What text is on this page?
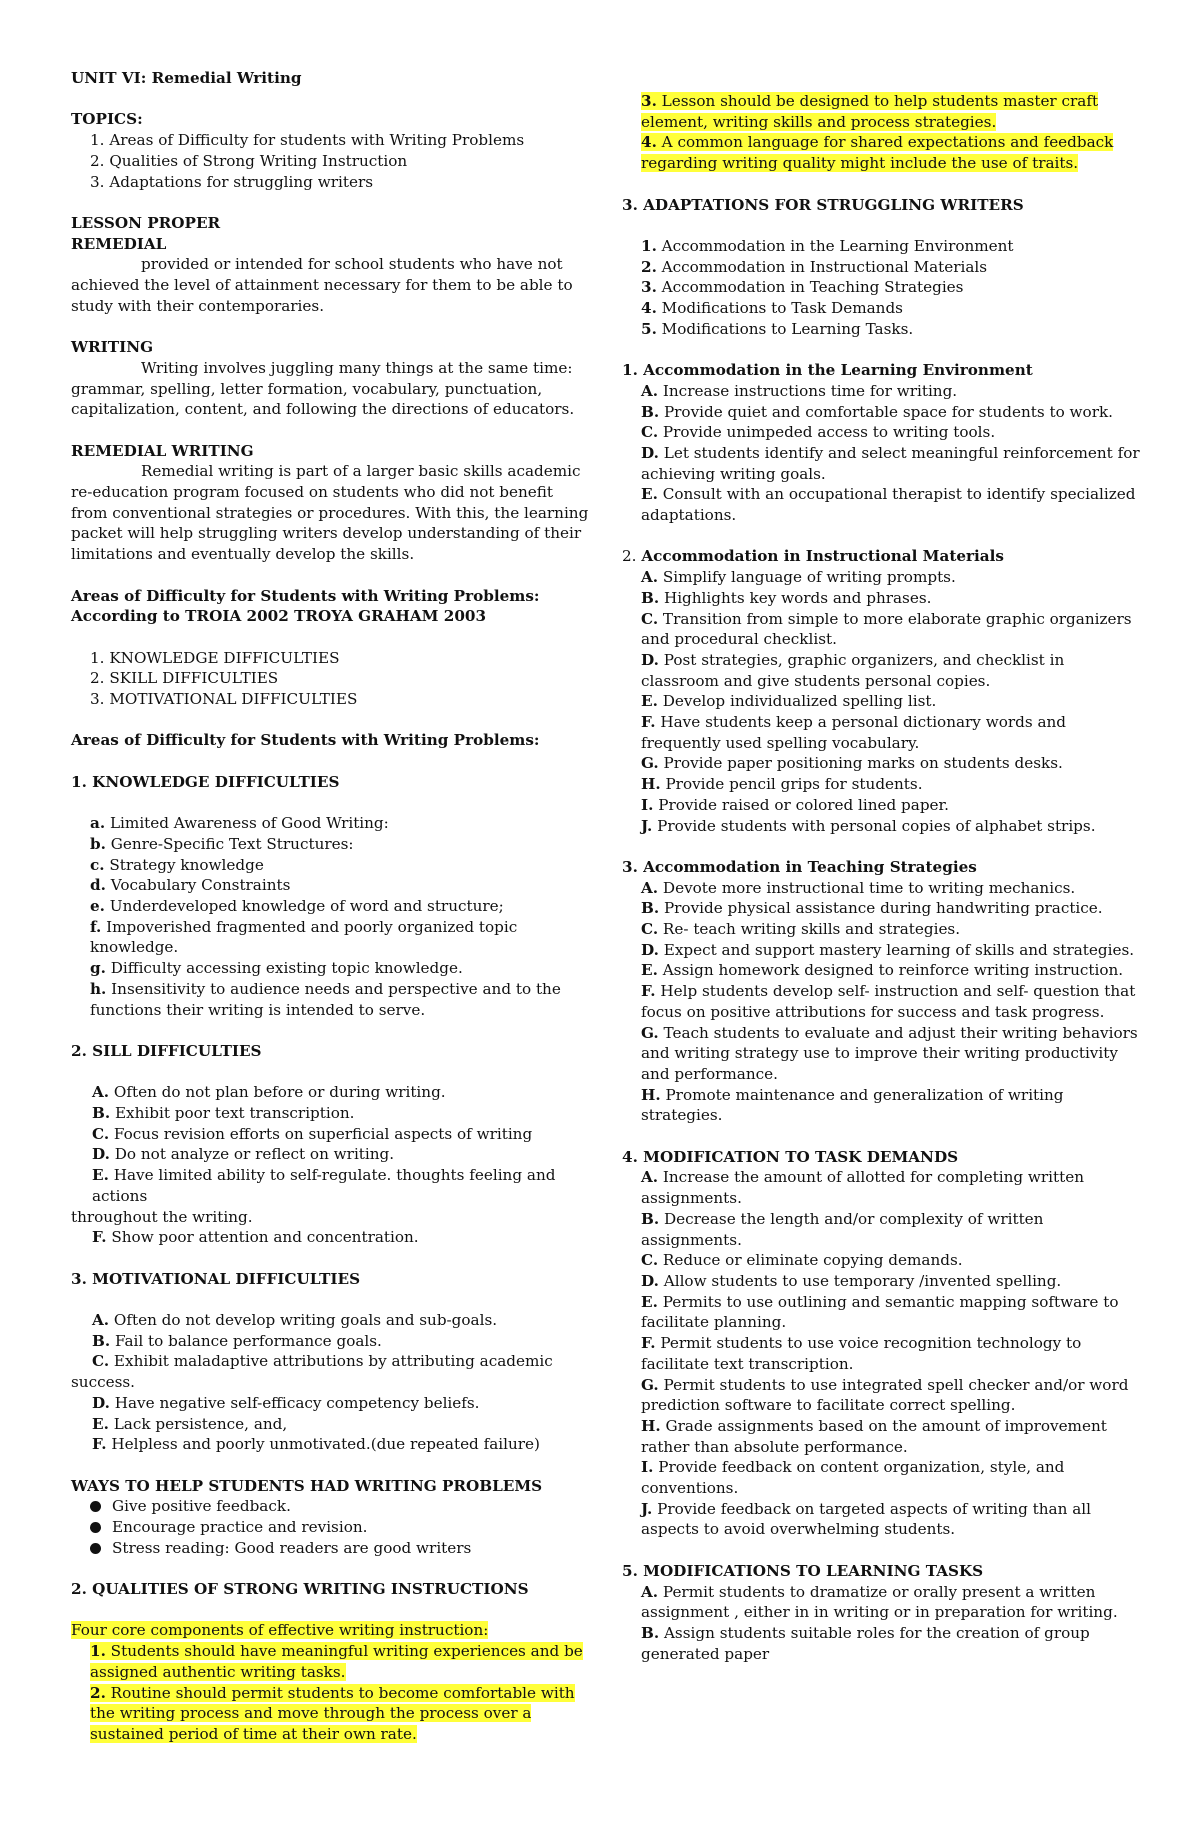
UNIT VI: Remedial Writing
TOPICS:
1. Areas of Difficulty for students with Writing Problems
2. Qualities of Strong Writing Instruction
3. Adaptations for struggling writers
LESSON PROPER
REMEDIAL
provided or intended for school students who have not achieved the level of attainment necessary for them to be able to study with their contemporaries.
WRITING
Writing involves juggling many things at the same time: grammar, spelling, letter formation, vocabulary, punctuation, capitalization, content, and following the directions of educators.
REMEDIAL WRITING
Remedial writing is part of a larger basic skills academic re-education program focused on students who did not benefit from conventional strategies or procedures. With this, the learning packet will help struggling writers develop understanding of their limitations and eventually develop the skills.
Areas of Difficulty for Students with Writing Problems:
According to TROIA 2002 TROYA GRAHAM 2003
1. KNOWLEDGE DIFFICULTIES
2. SKILL DIFFICULTIES
3. MOTIVATIONAL DIFFICULTIES
Areas of Difficulty for Students with Writing Problems:
1. KNOWLEDGE DIFFICULTIES
a. Limited Awareness of Good Writing:
b. Genre-Specific Text Structures:
c. Strategy knowledge
d. Vocabulary Constraints
e. Underdeveloped knowledge of word and structure;
f. Impoverished fragmented and poorly organized topic knowledge.
g. Difficulty accessing existing topic knowledge.
h. Insensitivity to audience needs and perspective and to the functions their writing is intended to serve.
2. SILL DIFFICULTIES
A. Often do not plan before or during writing.
B. Exhibit poor text transcription.
C. Focus revision efforts on superficial aspects of writing
D. Do not analyze or reflect on writing.
E. Have limited ability to self-regulate. thoughts feeling and actions
throughout the writing.
F. Show poor attention and concentration.
3. MOTIVATIONAL DIFFICULTIES
A. Often do not develop writing goals and sub-goals.
B. Fail to balance performance goals.
C. Exhibit maladaptive attributions by attributing academic
success.
D. Have negative self-efficacy competency beliefs.
E. Lack persistence, and,
F. Helpless and poorly unmotivated.(due repeated failure)
WAYS TO HELP STUDENTS HAD WRITING PROBLEMS
Give positive feedback.
Encourage practice and revision.
Stress reading: Good readers are good writers
2. QUALITIES OF STRONG WRITING INSTRUCTIONS
Four core components of effective writing instruction:
1. Students should have meaningful writing experiences and be assigned authentic writing tasks.
2. Routine should permit students to become comfortable with the writing process and move through the process over a sustained period of time at their own rate.
3. Lesson should be designed to help students master craft element, writing skills and process strategies.
4. A common language for shared expectations and feedback regarding writing quality might include the use of traits.
3. ADAPTATIONS FOR STRUGGLING WRITERS
1. Accommodation in the Learning Environment
2. Accommodation in Instructional Materials
3. Accommodation in Teaching Strategies
4. Modifications to Task Demands
5. Modifications to Learning Tasks.
1. Accommodation in the Learning Environment
A. Increase instructions time for writing.
B. Provide quiet and comfortable space for students to work.
C. Provide unimpeded access to writing tools.
D. Let students identify and select meaningful reinforcement for achieving writing goals.
E. Consult with an occupational therapist to identify specialized adaptations.
2. Accommodation in Instructional Materials
A. Simplify language of writing prompts.
B. Highlights key words and phrases.
C. Transition from simple to more elaborate graphic organizers and procedural checklist.
D. Post strategies, graphic organizers, and checklist in classroom and give students personal copies.
E. Develop individualized spelling list.
F. Have students keep a personal dictionary words and frequently used spelling vocabulary.
G. Provide paper positioning marks on students desks.
H. Provide pencil grips for students.
I. Provide raised or colored lined paper.
J. Provide students with personal copies of alphabet strips.
3. Accommodation in Teaching Strategies
A. Devote more instructional time to writing mechanics.
B. Provide physical assistance during handwriting practice.
C. Re- teach writing skills and strategies.
D. Expect and support mastery learning of skills and strategies.
E. Assign homework designed to reinforce writing instruction.
F. Help students develop self- instruction and self- question that focus on positive attributions for success and task progress.
G. Teach students to evaluate and adjust their writing behaviors and writing strategy use to improve their writing productivity and performance.
H. Promote maintenance and generalization of writing strategies.
4. MODIFICATION TO TASK DEMANDS
A. Increase the amount of allotted for completing written assignments.
B. Decrease the length and/or complexity of written assignments.
C. Reduce or eliminate copying demands.
D. Allow students to use temporary /invented spelling.
E. Permits to use outlining and semantic mapping software to facilitate planning.
F. Permit students to use voice recognition technology to facilitate text transcription.
G. Permit students to use integrated spell checker and/or word prediction software to facilitate correct spelling.
H. Grade assignments based on the amount of improvement rather than absolute performance.
I. Provide feedback on content organization, style, and conventions.
J. Provide feedback on targeted aspects of writing than all aspects to avoid overwhelming students.
5. MODIFICATIONS TO LEARNING TASKS
A. Permit students to dramatize or orally present a written assignment , either in in writing or in preparation for writing.
B. Assign students suitable roles for the creation of group generated paper
